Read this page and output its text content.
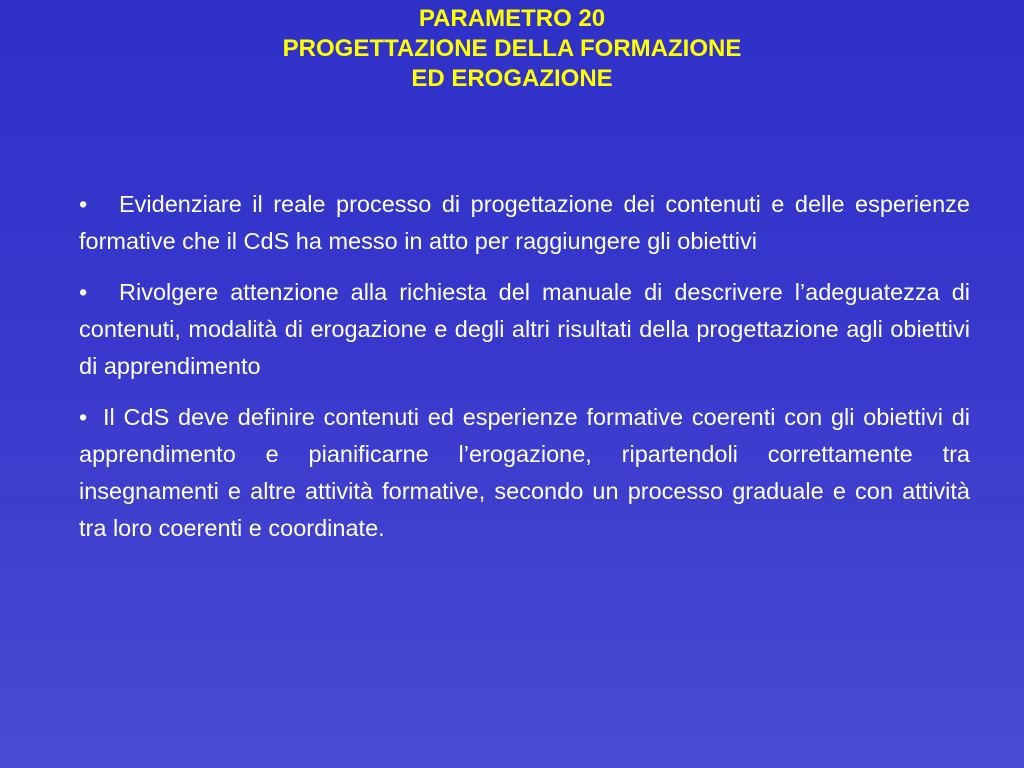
PARAMETRO 20
PROGETTAZIONE DELLA FORMAZIONE
ED EROGAZIONE
• Evidenziare il reale processo di progettazione dei contenuti e delle esperienze formative che il CdS ha messo in atto per raggiungere gli obiettivi
• Rivolgere attenzione alla richiesta del manuale di descrivere l’adeguatezza di contenuti, modalità di erogazione e degli altri risultati della progettazione agli obiettivi di apprendimento
• Il CdS deve definire contenuti ed esperienze formative coerenti con gli obiettivi di apprendimento e pianificarne l’erogazione, ripartendoli correttamente tra insegnamenti e altre attività formative, secondo un processo graduale e con attività tra loro coerenti e coordinate.
